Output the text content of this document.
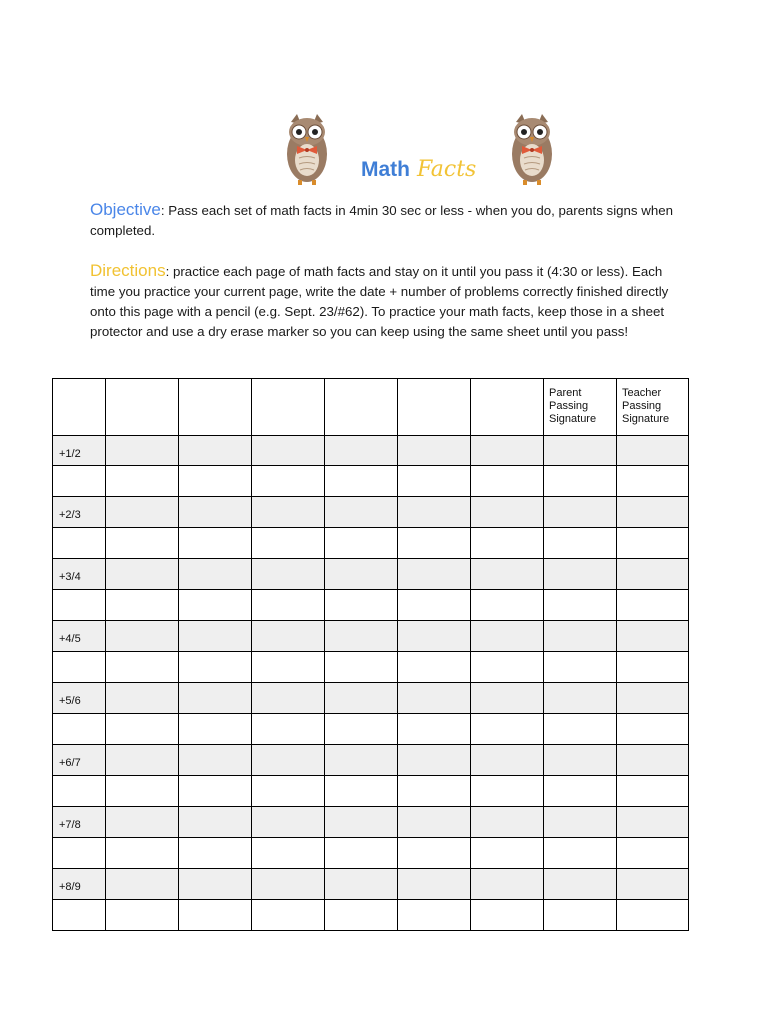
Math Facts
Objective: Pass each set of math facts in 4min 30 sec or less - when you do, parents signs when completed.
Directions: practice each page of math facts and stay on it until you pass it (4:30 or less). Each time you practice your current page, write the date + number of problems correctly finished directly onto this page with a pencil (e.g. Sept. 23/#62). To practice your math facts, keep those in a sheet protector and use a dry erase marker so you can keep using the same sheet until you pass!

							Parent Passing Signature	Teacher Passing Signature

+1/2								

+2/3								

+3/4								

+4/5								

+5/6								

+6/7								

+7/8								

+8/9								
